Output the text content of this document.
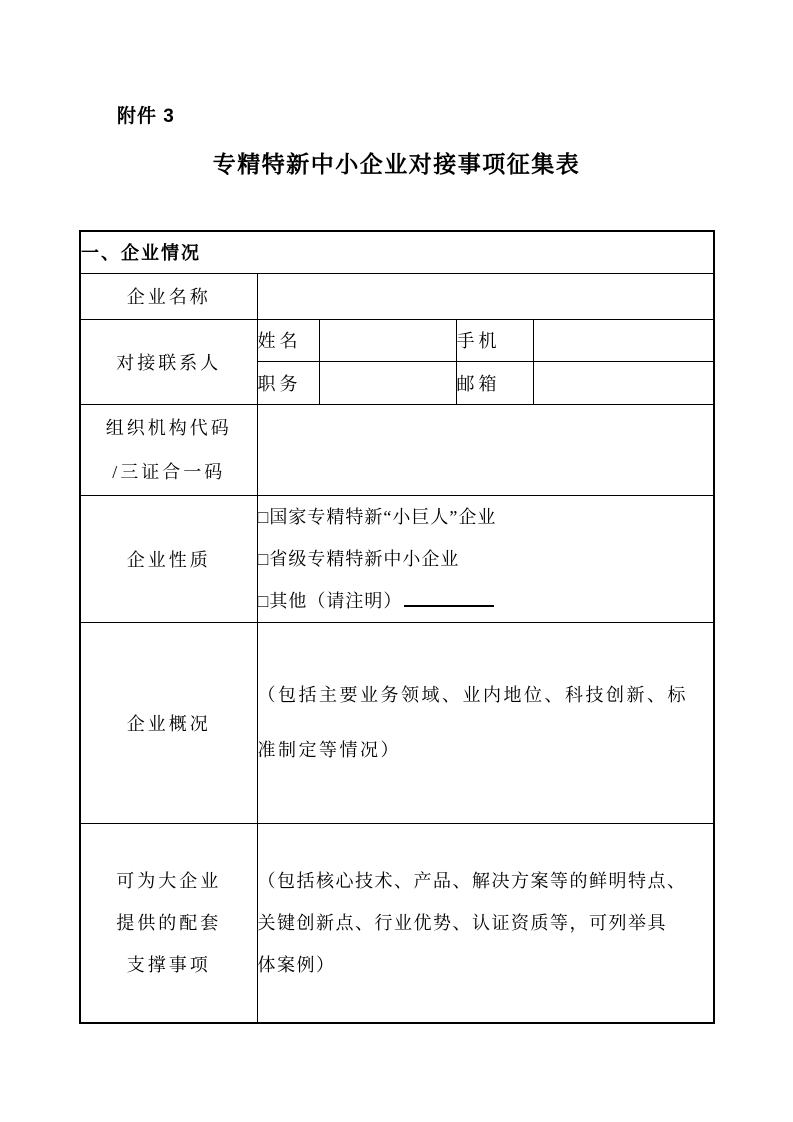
附件 3
专精特新中小企业对接事项征集表
一、企业情况				
企业名称				
对接联系人	姓名		手机	
	职务		邮箱	

组织机构代码
/三证合一码				

企业性质	□国家专精特新“小巨人”企业
□省级专精特新中小企业
□其他（请注明）			

企业概况	（包括主要业务领域、业内地位、科技创新、标
准制定等情况）			

可为大企业
提供的配套
支撑事项

（包括核心技术、产品、解决方案等的鲜明特点、
关键创新点、行业优势、认证资质等，可列举具
体案例）
